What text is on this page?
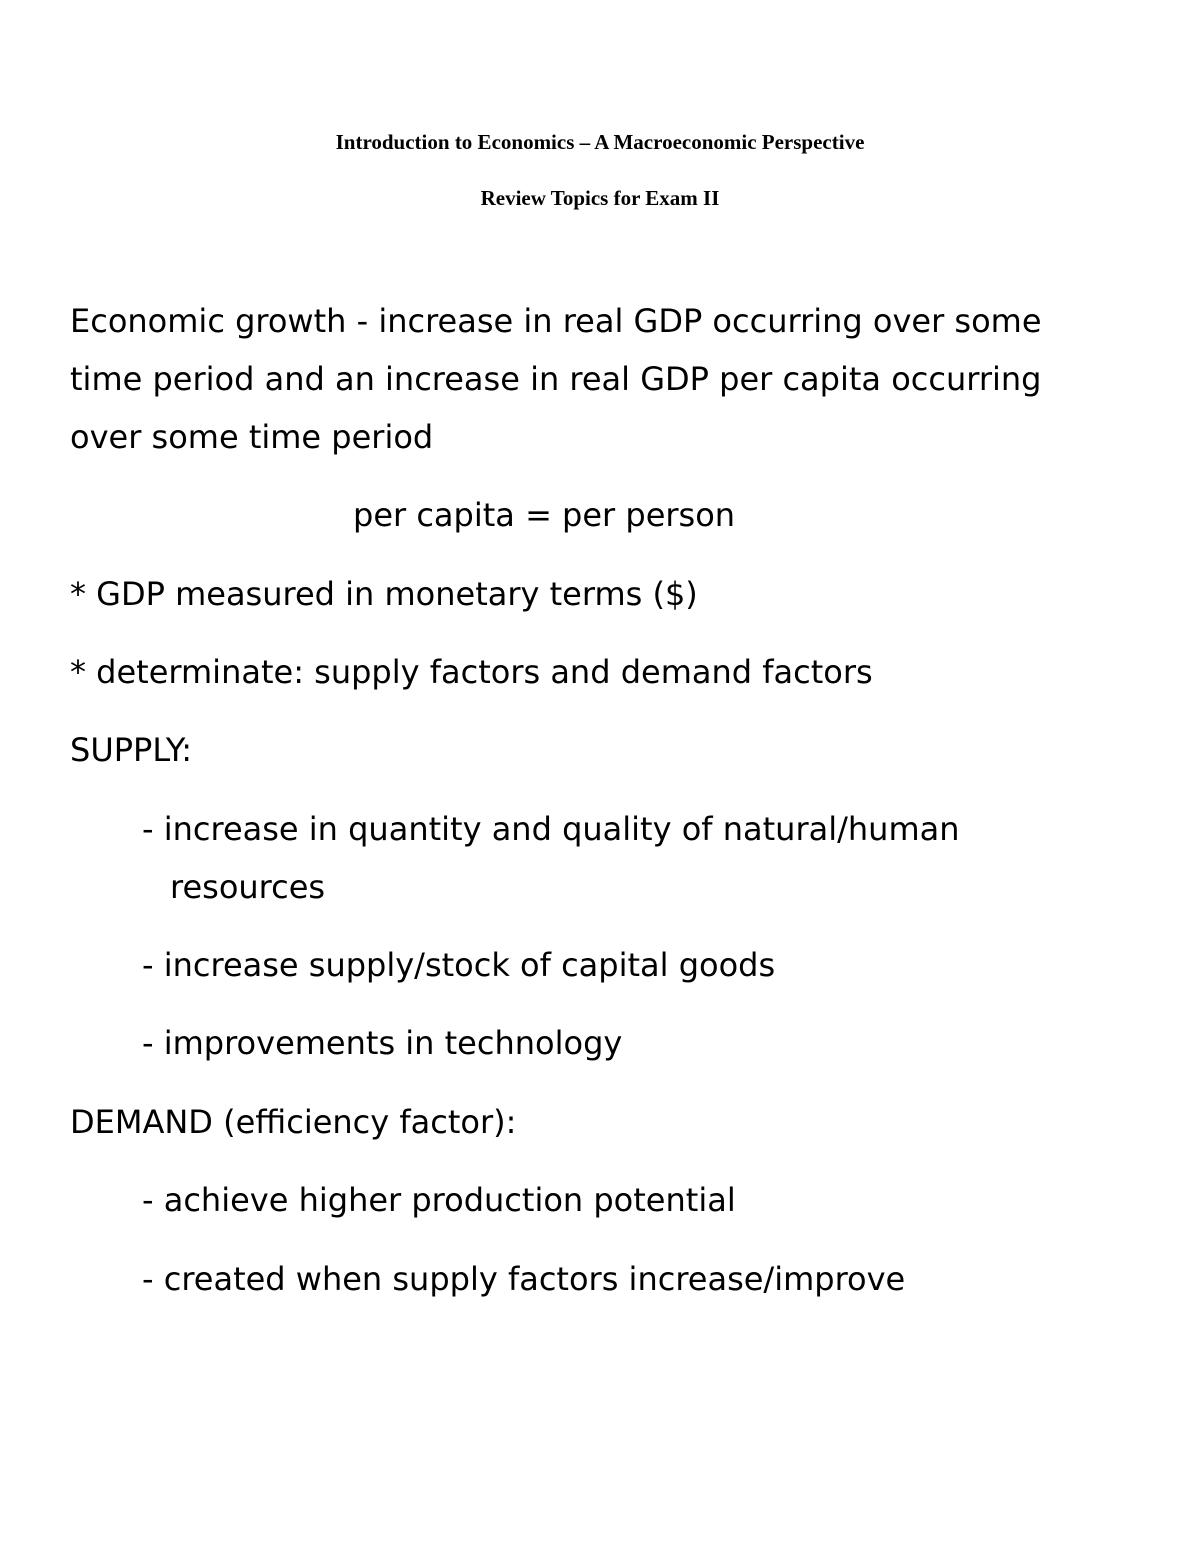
Introduction to Economics – A Macroeconomic Perspective
Review Topics for Exam II
Economic growth - increase in real GDP occurring over some
time period and an increase in real GDP per capita occurring
over some time period
per capita = per person
* GDP measured in monetary terms ($)
* determinate: supply factors and demand factors
SUPPLY:
- increase in quantity and quality of natural/human
resources
- increase supply/stock of capital goods
- improvements in technology
DEMAND (efficiency factor):
- achieve higher production potential
- created when supply factors increase/improve
